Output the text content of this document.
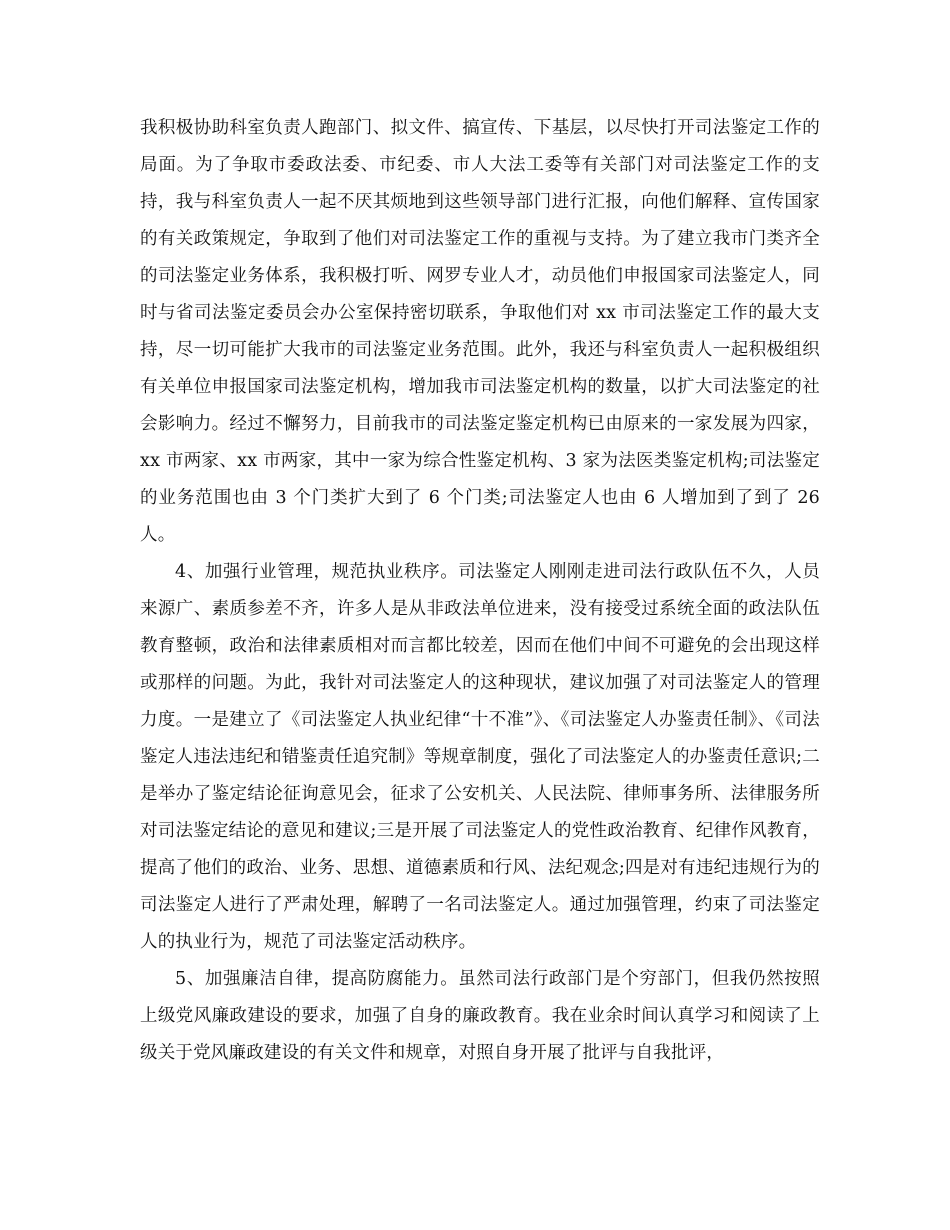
我积极协助科室负责人跑部门、拟文件、搞宣传、下基层，以尽快打开司法鉴定工作的局面。为了争取市委政法委、市纪委、市人大法工委等有关部门对司法鉴定工作的支持，我与科室负责人一起不厌其烦地到这些领导部门进行汇报，向他们解释、宣传国家的有关政策规定，争取到了他们对司法鉴定工作的重视与支持。为了建立我市门类齐全的司法鉴定业务体系，我积极打听、网罗专业人才，动员他们申报国家司法鉴定人，同时与省司法鉴定委员会办公室保持密切联系，争取他们对 xx 市司法鉴定工作的最大支持，尽一切可能扩大我市的司法鉴定业务范围。此外，我还与科室负责人一起积极组织有关单位申报国家司法鉴定机构，增加我市司法鉴定机构的数量，以扩大司法鉴定的社会影响力。经过不懈努力，目前我市的司法鉴定鉴定机构已由原来的一家发展为四家，xx 市两家、xx 市两家，其中一家为综合性鉴定机构、3 家为法医类鉴定机构;司法鉴定的业务范围也由 3 个门类扩大到了 6 个门类;司法鉴定人也由 6 人增加到了到了 26 人。

4、加强行业管理，规范执业秩序。司法鉴定人刚刚走进司法行政队伍不久，人员来源广、素质参差不齐，许多人是从非政法单位进来，没有接受过系统全面的政法队伍教育整顿，政治和法律素质相对而言都比较差，因而在他们中间不可避免的会出现这样或那样的问题。为此，我针对司法鉴定人的这种现状，建议加强了对司法鉴定人的管理力度。一是建立了《司法鉴定人执业纪律“十不准”》、《司法鉴定人办鉴责任制》、《司法鉴定人违法违纪和错鉴责任追究制》等规章制度，强化了司法鉴定人的办鉴责任意识;二是举办了鉴定结论征询意见会，征求了公安机关、人民法院、律师事务所、法律服务所对司法鉴定结论的意见和建议;三是开展了司法鉴定人的党性政治教育、纪律作风教育，提高了他们的政治、业务、思想、道德素质和行风、法纪观念;四是对有违纪违规行为的司法鉴定人进行了严肃处理，解聘了一名司法鉴定人。通过加强管理，约束了司法鉴定人的执业行为，规范了司法鉴定活动秩序。

5、加强廉洁自律，提高防腐能力。虽然司法行政部门是个穷部门，但我仍然按照上级党风廉政建设的要求，加强了自身的廉政教育。我在业余时间认真学习和阅读了上级关于党风廉政建设的有关文件和规章，对照自身开展了批评与自我批评，
